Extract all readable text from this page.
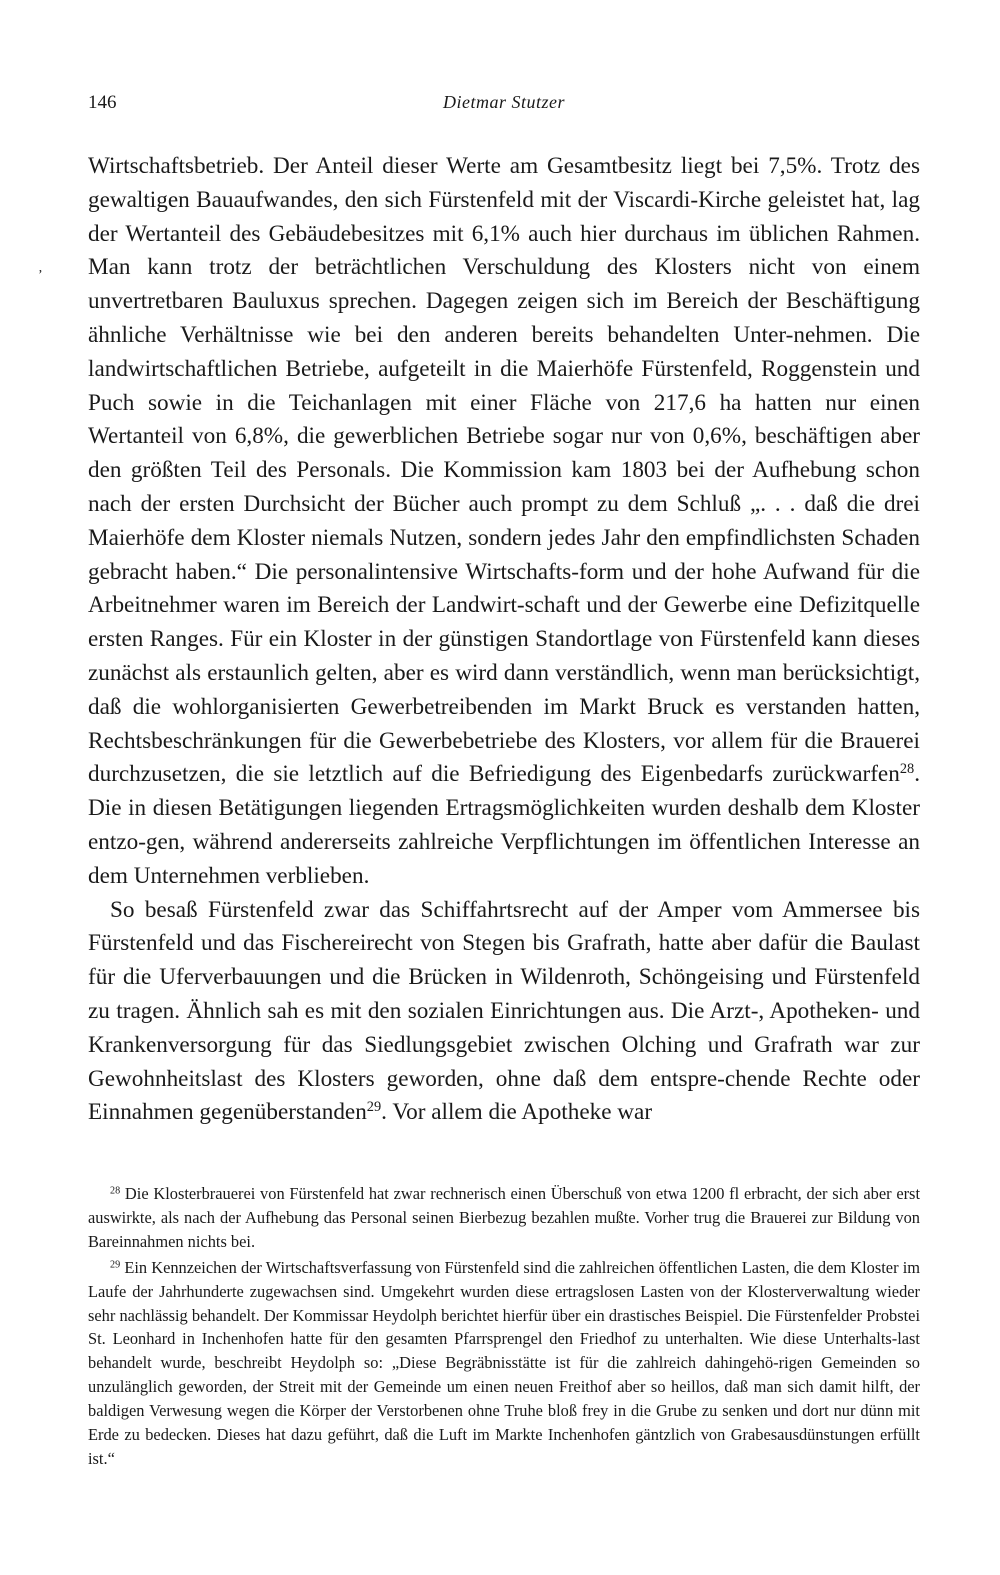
146	Dietmar Stutzer
ʼ

Wirtschaftsbetrieb. Der Anteil dieser Werte am Gesamtbesitz liegt bei 7,5%. Trotz des gewaltigen Bauaufwandes, den sich Fürstenfeld mit der Viscardi-Kirche geleistet hat, lag der Wertanteil des Gebäudebesitzes mit 6,1% auch hier durchaus im üblichen Rahmen. Man kann trotz der beträchtlichen Verschuldung des Klosters nicht von einem unvertretbaren Bauluxus sprechen. Dagegen zeigen sich im Bereich der Beschäftigung ähnliche Verhältnisse wie bei den anderen bereits behandelten Unter-nehmen. Die landwirtschaftlichen Betriebe, aufgeteilt in die Maierhöfe Fürstenfeld, Roggenstein und Puch sowie in die Teichanlagen mit einer Fläche von 217,6 ha hatten nur einen Wertanteil von 6,8%, die gewerblichen Betriebe sogar nur von 0,6%, beschäftigen aber den größten Teil des Personals. Die Kommission kam 1803 bei der Aufhebung schon nach der ersten Durchsicht der Bücher auch prompt zu dem Schluß „. . . daß die drei Maierhöfe dem Kloster niemals Nutzen, sondern jedes Jahr den empfindlichsten Schaden gebracht haben.“ Die personalintensive Wirtschafts-form und der hohe Aufwand für die Arbeitnehmer waren im Bereich der Landwirt-schaft und der Gewerbe eine Defizitquelle ersten Ranges. Für ein Kloster in der günstigen Standortlage von Fürstenfeld kann dieses zunächst als erstaunlich gelten, aber es wird dann verständlich, wenn man berücksichtigt, daß die wohlorganisierten Gewerbetreibenden im Markt Bruck es verstanden hatten, Rechtsbeschränkungen für die Gewerbebetriebe des Klosters, vor allem für die Brauerei durchzusetzen, die sie letztlich auf die Befriedigung des Eigenbedarfs zurückwarfen$^{28}$. Die in diesen Betätigungen liegenden Ertragsmöglichkeiten wurden deshalb dem Kloster entzo-gen, während andererseits zahlreiche Verpflichtungen im öffentlichen Interesse an dem Unternehmen verblieben.

So besaß Fürstenfeld zwar das Schiffahrtsrecht auf der Amper vom Ammersee bis Fürstenfeld und das Fischereirecht von Stegen bis Grafrath, hatte aber dafür die Baulast für die Uferverbauungen und die Brücken in Wildenroth, Schöngeising und Fürstenfeld zu tragen. Ähnlich sah es mit den sozialen Einrichtungen aus. Die Arzt-, Apotheken- und Krankenversorgung für das Siedlungsgebiet zwischen Olching und Grafrath war zur Gewohnheitslast des Klosters geworden, ohne daß dem entspre-chende Rechte oder Einnahmen gegenüberstanden$^{29}$. Vor allem die Apotheke war

$^{28}$ Die Klosterbrauerei von Fürstenfeld hat zwar rechnerisch einen Überschuß von etwa 1200 fl erbracht, der sich aber erst auswirkte, als nach der Aufhebung das Personal seinen Bierbezug bezahlen mußte. Vorher trug die Brauerei zur Bildung von Bareinnahmen nichts bei.

$^{29}$ Ein Kennzeichen der Wirtschaftsverfassung von Fürstenfeld sind die zahlreichen öffentlichen Lasten, die dem Kloster im Laufe der Jahrhunderte zugewachsen sind. Umgekehrt wurden diese ertragslosen Lasten von der Klosterverwaltung wieder sehr nachlässig behandelt. Der Kommissar Heydolph berichtet hierfür über ein drastisches Beispiel. Die Fürstenfelder Probstei St. Leonhard in Inchenhofen hatte für den gesamten Pfarrsprengel den Friedhof zu unterhalten. Wie diese Unterhalts-last behandelt wurde, beschreibt Heydolph so: „Diese Begräbnisstätte ist für die zahlreich dahingehö-rigen Gemeinden so unzulänglich geworden, der Streit mit der Gemeinde um einen neuen Freithof aber so heillos, daß man sich damit hilft, der baldigen Verwesung wegen die Körper der Verstorbenen ohne Truhe bloß frey in die Grube zu senken und dort nur dünn mit Erde zu bedecken. Dieses hat dazu geführt, daß die Luft im Markte Inchenhofen gäntzlich von Grabesausdünstungen erfüllt ist.“
